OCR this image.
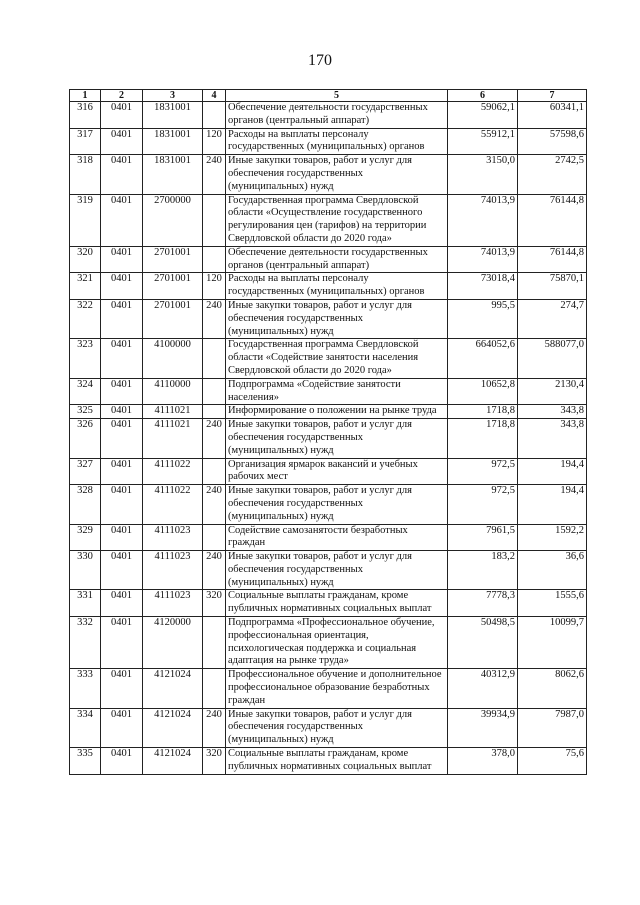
170
1	2	3	4	5	6	7
316	0401	1831001		Обеспечение деятельности государственных органов (центральный аппарат)	59062,1	60341,1
317	0401	1831001	120	Расходы на выплаты персоналу государственных (муниципальных) органов	55912,1	57598,6
318	0401	1831001	240	Иные закупки товаров, работ и услуг для обеспечения государственных (муниципальных) нужд	3150,0	2742,5
319	0401	2700000		Государственная программа Свердловской области «Осуществление государственного регулирования цен (тарифов) на территории Свердловской области до 2020 года»	74013,9	76144,8
320	0401	2701001		Обеспечение деятельности государственных органов (центральный аппарат)	74013,9	76144,8
321	0401	2701001	120	Расходы на выплаты персоналу государственных (муниципальных) органов	73018,4	75870,1
322	0401	2701001	240	Иные закупки товаров, работ и услуг для обеспечения государственных (муниципальных) нужд	995,5	274,7
323	0401	4100000		Государственная программа Свердловской области «Содействие занятости населения Свердловской области до 2020 года»	664052,6	588077,0
324	0401	4110000		Подпрограмма «Содействие занятости населения»	10652,8	2130,4
325	0401	4111021		Информирование о положении на рынке труда	1718,8	343,8
326	0401	4111021	240	Иные закупки товаров, работ и услуг для обеспечения государственных (муниципальных) нужд	1718,8	343,8
327	0401	4111022		Организация ярмарок вакансий и учебных рабочих мест	972,5	194,4
328	0401	4111022	240	Иные закупки товаров, работ и услуг для обеспечения государственных (муниципальных) нужд	972,5	194,4
329	0401	4111023		Содействие самозанятости безработных граждан	7961,5	1592,2
330	0401	4111023	240	Иные закупки товаров, работ и услуг для обеспечения государственных (муниципальных) нужд	183,2	36,6
331	0401	4111023	320	Социальные выплаты гражданам, кроме публичных нормативных социальных выплат	7778,3	1555,6
332	0401	4120000		Подпрограмма «Профессиональное обучение, профессиональная ориентация, психологическая поддержка и социальная адаптация на рынке труда»	50498,5	10099,7
333	0401	4121024		Профессиональное обучение и дополнительное профессиональное образование безработных граждан	40312,9	8062,6
334	0401	4121024	240	Иные закупки товаров, работ и услуг для обеспечения государственных (муниципальных) нужд	39934,9	7987,0
335	0401	4121024	320	Социальные выплаты гражданам, кроме публичных нормативных социальных выплат	378,0	75,6
